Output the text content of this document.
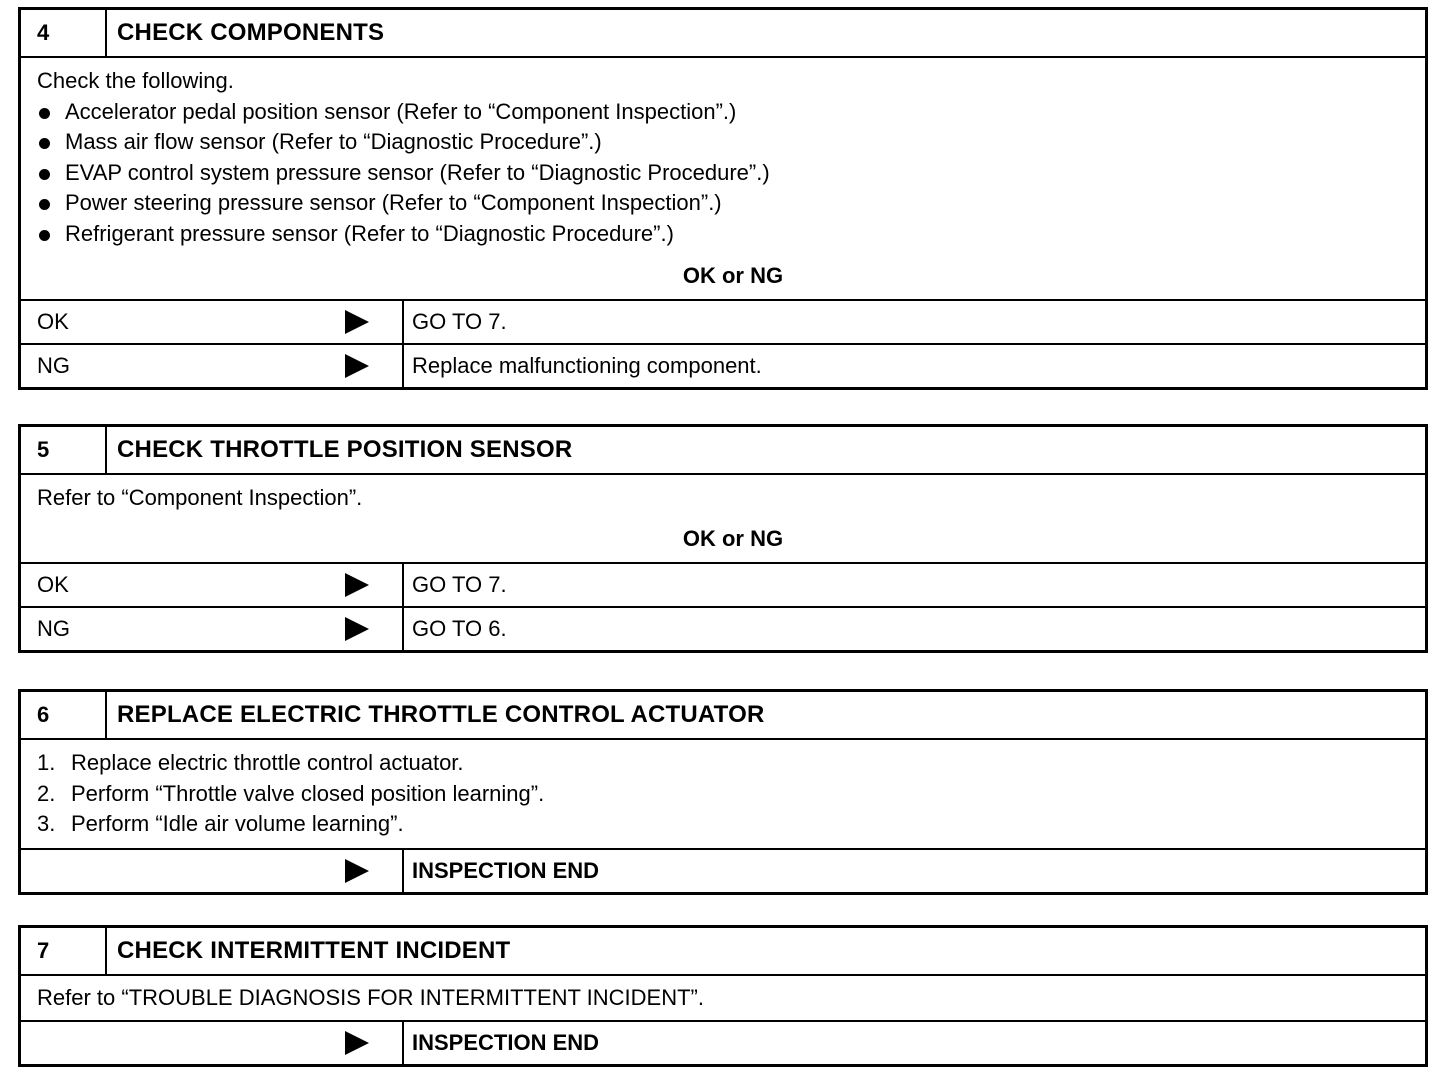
4	CHECK COMPONENTS
Check the following.
Accelerator pedal position sensor (Refer to “Component Inspection”.)
Mass air flow sensor (Refer to “Diagnostic Procedure”.)
EVAP control system pressure sensor (Refer to “Diagnostic Procedure”.)
Power steering pressure sensor (Refer to “Component Inspection”.)
Refrigerant pressure sensor (Refer to “Diagnostic Procedure”.)
OK or NG
OK	GO TO 7.
NG	Replace malfunctioning component.
5	CHECK THROTTLE POSITION SENSOR
Refer to “Component Inspection”.
OK or NG
OK	GO TO 7.
NG	GO TO 6.
6	REPLACE ELECTRIC THROTTLE CONTROL ACTUATOR
1. Replace electric throttle control actuator.
2. Perform “Throttle valve closed position learning”.
3. Perform “Idle air volume learning”.
INSPECTION END
7	CHECK INTERMITTENT INCIDENT
Refer to “TROUBLE DIAGNOSIS FOR INTERMITTENT INCIDENT”.
INSPECTION END
